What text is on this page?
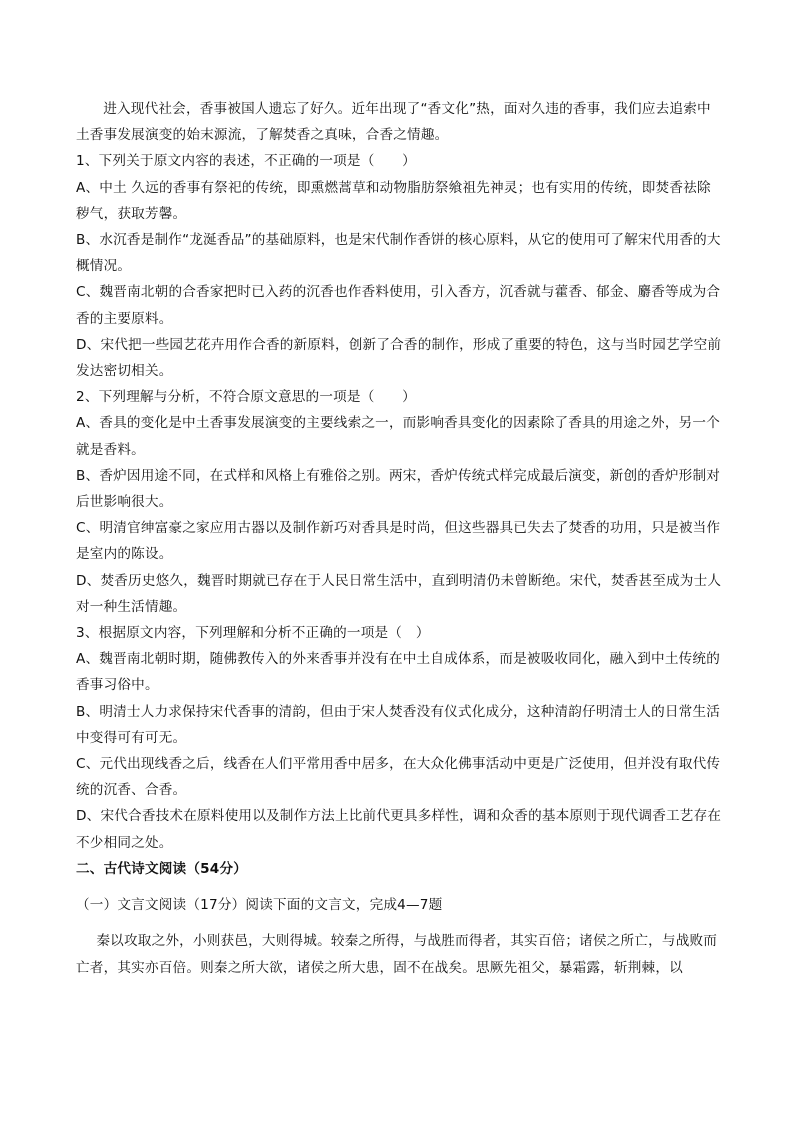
进入现代社会，香事被国人遗忘了好久。近年出现了“香文化”热，面对久违的香事，我们应去追索中土香事发展演变的始末源流，了解焚香之真味，合香之情趣。

1、下列关于原文内容的表述，不正确的一项是（　　）

A、中土 久远的香事有祭祀的传统，即熏燃蒿草和动物脂肪祭飨祖先神灵；也有实用的传统，即焚香祛除秽气，获取芳馨。

B、水沉香是制作“龙涎香品”的基础原料，也是宋代制作香饼的核心原料，从它的使用可了解宋代用香的大概情况。

C、魏晋南北朝的合香家把时已入药的沉香也作香料使用，引入香方，沉香就与藿香、郁金、麝香等成为合香的主要原料。

D、宋代把一些园艺花卉用作合香的新原料，创新了合香的制作，形成了重要的特色，这与当时园艺学空前发达密切相关。

2、下列理解与分析，不符合原文意思的一项是（　　）

A、香具的变化是中土香事发展演变的主要线索之一，而影响香具变化的因素除了香具的用途之外，另一个就是香料。

B、香炉因用途不同，在式样和风格上有雅俗之别。两宋，香炉传统式样完成最后演变，新创的香炉形制对后世影响很大。

C、明清官绅富豪之家应用古器以及制作新巧对香具是时尚，但这些器具已失去了焚香的功用，只是被当作是室内的陈设。

D、焚香历史悠久，魏晋时期就已存在于人民日常生活中，直到明清仍未曾断绝。宋代，焚香甚至成为士人对一种生活情趣。

3、根据原文内容，下列理解和分析不正确的一项是（　）

A、魏晋南北朝时期，随佛教传入的外来香事并没有在中土自成体系，而是被吸收同化，融入到中土传统的香事习俗中。

B、明清士人力求保持宋代香事的清韵，但由于宋人焚香没有仪式化成分，这种清韵仔明清士人的日常生活中变得可有可无。

C、元代出现线香之后，线香在人们平常用香中居多，在大众化佛事活动中更是广泛使用，但并没有取代传统的沉香、合香。

D、宋代合香技术在原料使用以及制作方法上比前代更具多样性，调和众香的基本原则于现代调香工艺存在不少相同之处。

二、古代诗文阅读（54分）

（一）文言文阅读（17分）阅读下面的文言文，完成4—7题

秦以攻取之外，小则获邑，大则得城。较秦之所得，与战胜而得者，其实百倍；诸侯之所亡，与战败而亡者，其实亦百倍。则秦之所大欲，诸侯之所大患，固不在战矣。思厥先祖父，暴霜露，斩荆棘，以
